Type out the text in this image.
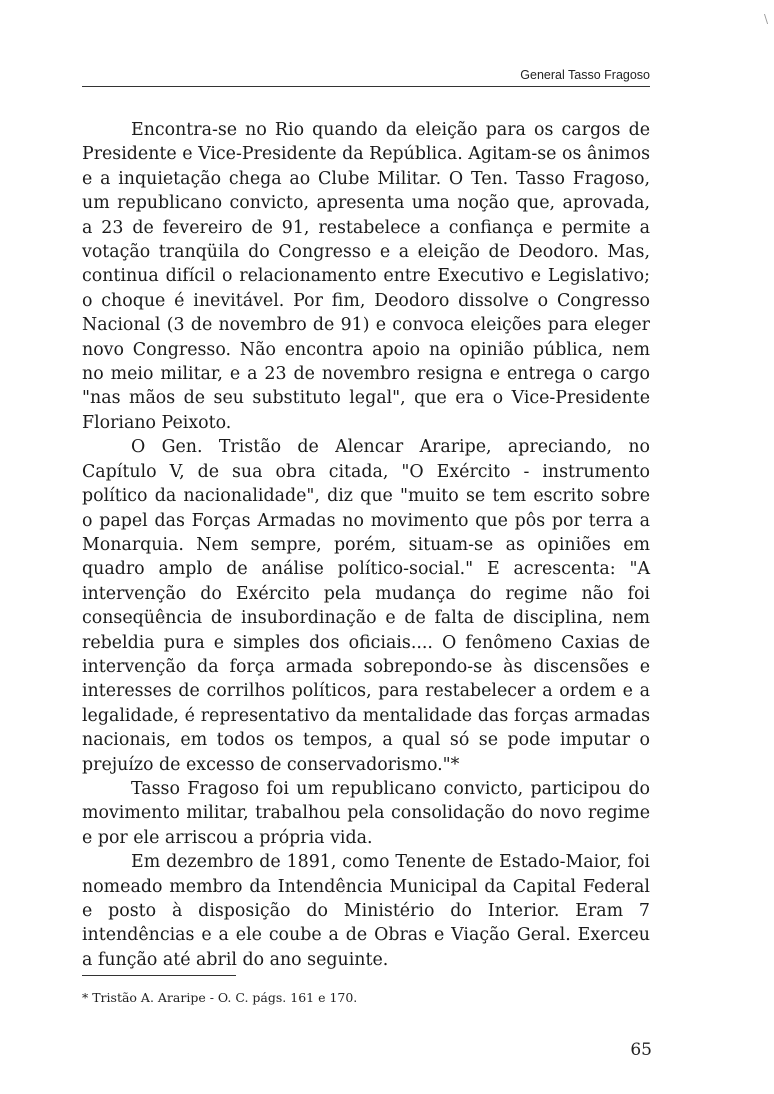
\
General Tasso Fragoso

Encontra-se no Rio quando da eleição para os cargos de Presidente e Vice-Presidente da República. Agitam-se os ânimos e a inquietação chega ao Clube Militar. O Ten. Tasso Fragoso, um republicano convicto, apresenta uma noção que, aprovada, a 23 de fevereiro de 91, restabelece a confiança e permite a votação tranqüila do Congresso e a eleição de Deodoro. Mas, continua difícil o relacionamento entre Executivo e Legislativo; o choque é inevitável. Por fim, Deodoro dissolve o Congresso Nacional (3 de novembro de 91) e convoca eleições para eleger novo Congresso. Não encontra apoio na opinião pública, nem no meio militar, e a 23 de novembro resigna e entrega o cargo "nas mãos de seu substituto legal", que era o Vice-Presidente Floriano Peixoto.

O Gen. Tristão de Alencar Araripe, apreciando, no Capítulo V, de sua obra citada, "O Exército - instrumento político da nacionalidade", diz que "muito se tem escrito sobre o papel das Forças Armadas no movimento que pôs por terra a Monarquia. Nem sempre, porém, situam-se as opiniões em quadro amplo de análise político-social." E acrescenta: "A intervenção do Exército pela mudança do regime não foi conseqüência de insubordinação e de falta de disciplina, nem rebeldia pura e simples dos oficiais.... O fenômeno Caxias de intervenção da força armada sobrepondo-se às discensões e interesses de corrilhos políticos, para restabelecer a ordem e a legalidade, é representativo da mentalidade das forças armadas nacionais, em todos os tempos, a qual só se pode imputar o prejuízo de excesso de conservadorismo."*

Tasso Fragoso foi um republicano convicto, participou do movimento militar, trabalhou pela consolidação do novo regime e por ele arriscou a própria vida.

Em dezembro de 1891, como Tenente de Estado-Maior, foi nomeado membro da Intendência Municipal da Capital Federal e posto à disposição do Ministério do Interior. Eram 7 intendências e a ele coube a de Obras e Viação Geral. Exerceu a função até abril do ano seguinte.

* Tristão A. Araripe - O. C. págs. 161 e 170.
65
